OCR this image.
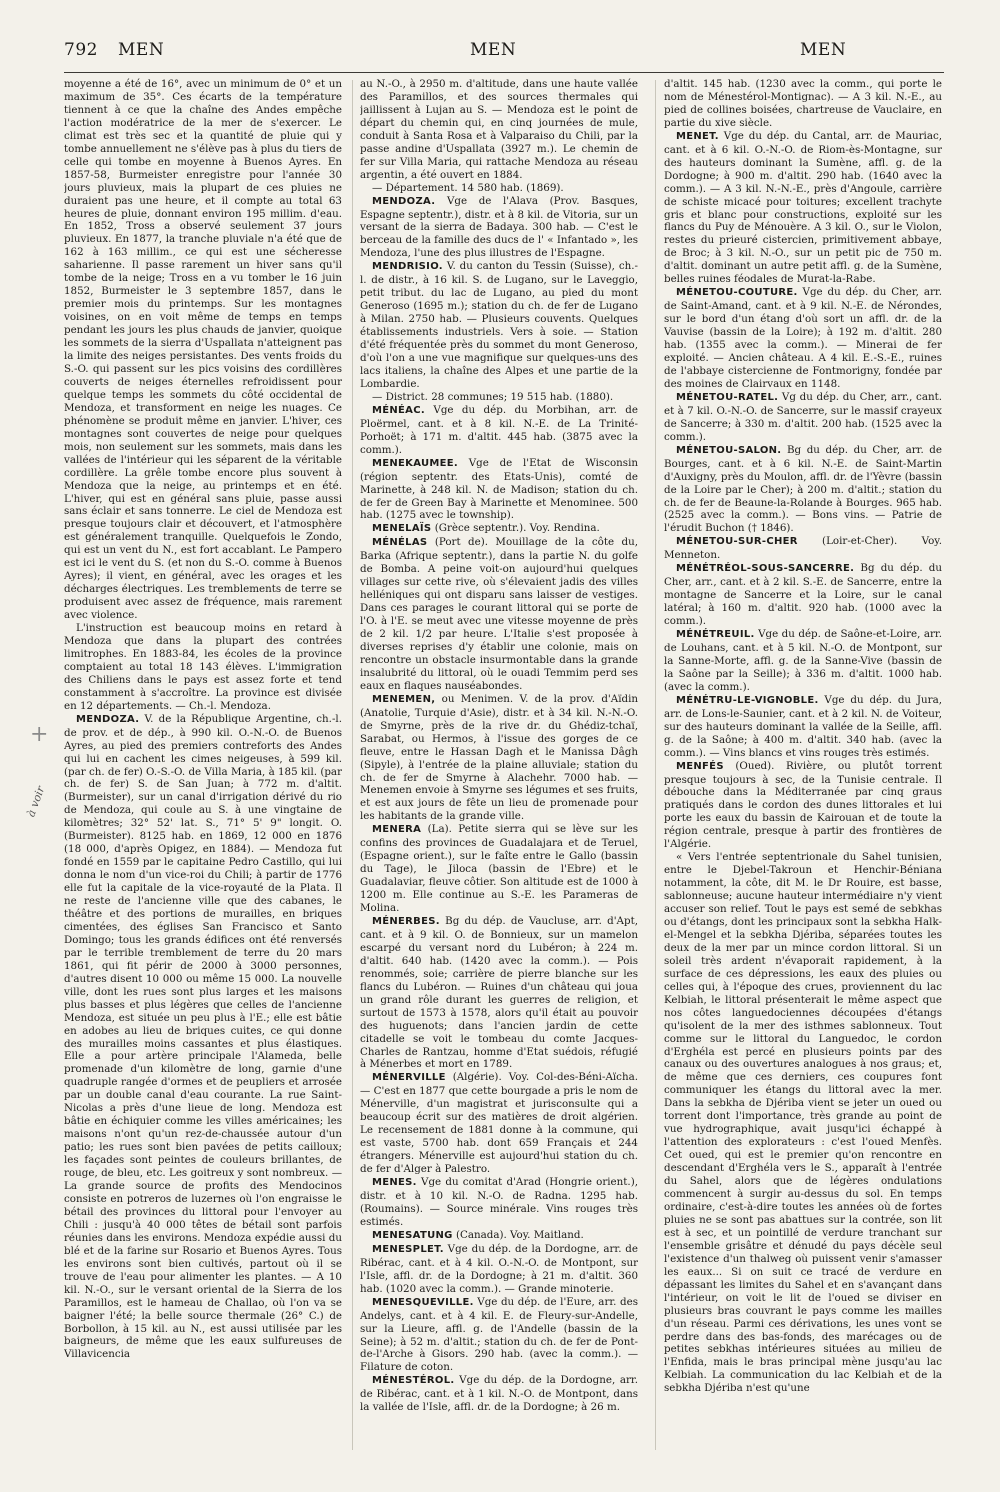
792 MEN	MEN	MEN
+
à voir

moyenne a été de 16°, avec un minimum de 0° et un maximum de 35°. Ces écarts de la température tiennent à ce que la chaîne des Andes empêche l'action modératrice de la mer de s'exercer. Le climat est très sec et la quantité de pluie qui y tombe annuellement ne s'élève pas à plus du tiers de celle qui tombe en moyenne à Buenos Ayres. En 1857-58, Burmeister enregistre pour l'année 30 jours pluvieux, mais la plupart de ces pluies ne duraient pas une heure, et il compte au total 63 heures de pluie, donnant environ 195 millim. d'eau. En 1852, Tross a observé seulement 37 jours pluvieux. En 1877, la tranche pluviale n'a été que de 162 à 163 millim., ce qui est une sécheresse saharienne. Il passe rarement un hiver sans qu'il tombe de la neige; Tross en a vu tomber le 16 juin 1852, Burmeister le 3 septembre 1857, dans le premier mois du printemps. Sur les montagnes voisines, on en voit même de temps en temps pendant les jours les plus chauds de janvier, quoique les sommets de la sierra d'Uspallata n'atteignent pas la limite des neiges persistantes. Des vents froids du S.-O. qui passent sur les pics voisins des cordillères couverts de neiges éternelles refroidissent pour quelque temps les sommets du côté occidental de Mendoza, et transforment en neige les nuages. Ce phénomène se produit même en janvier. L'hiver, ces montagnes sont couvertes de neige pour quelques mois, non seulement sur les sommets, mais dans les vallées de l'intérieur qui les séparent de la véritable cordillère. La grêle tombe encore plus souvent à Mendoza que la neige, au printemps et en été. L'hiver, qui est en général sans pluie, passe aussi sans éclair et sans tonnerre. Le ciel de Mendoza est presque toujours clair et découvert, et l'atmosphère est généralement tranquille. Quelquefois le Zondo, qui est un vent du N., est fort accablant. Le Pampero est ici le vent du S. (et non du S.-O. comme à Buenos Ayres); il vient, en général, avec les orages et les décharges électriques. Les tremblements de terre se produisent avec assez de fréquence, mais rarement avec violence.

L'instruction est beaucoup moins en retard à Mendoza que dans la plupart des contrées limitrophes. En 1883-84, les écoles de la province comptaient au total 18 143 élèves. L'immigration des Chiliens dans le pays est assez forte et tend constamment à s'accroître. La province est divisée en 12 départements. — Ch.-l. Mendoza.

MENDOZA. V. de la République Argentine, ch.-l. de prov. et de dép., à 990 kil. O.-N.-O. de Buenos Ayres, au pied des premiers contreforts des Andes qui lui en cachent les cimes neigeuses, à 599 kil. (par ch. de fer) O.-S.-O. de Villa Maria, à 185 kil. (par ch. de fer) S. de San Juan; à 772 m. d'altit. (Burmeister), sur un canal d'irrigation dérivé du rio de Mendoza, qui coule au S. à une vingtaine de kilomètres; 32° 52' lat. S., 71° 5' 9" longit. O. (Burmeister). 8125 hab. en 1869, 12 000 en 1876 (18 000, d'après Opigez, en 1884). — Mendoza fut fondé en 1559 par le capitaine Pedro Castillo, qui lui donna le nom d'un vice-roi du Chili; à partir de 1776 elle fut la capitale de la vice-royauté de la Plata. Il ne reste de l'ancienne ville que des cabanes, le théâtre et des portions de murailles, en briques cimentées, des églises San Francisco et Santo Domingo; tous les grands édifices ont été renversés par le terrible tremblement de terre du 20 mars 1861, qui fit périr de 2000 à 3000 personnes, d'autres disent 10 000 ou même 15 000. La nouvelle ville, dont les rues sont plus larges et les maisons plus basses et plus légères que celles de l'ancienne Mendoza, est située un peu plus à l'E.; elle est bâtie en adobes au lieu de briques cuites, ce qui donne des murailles moins cassantes et plus élastiques. Elle a pour artère principale l'Alameda, belle promenade d'un kilomètre de long, garnie d'une quadruple rangée d'ormes et de peupliers et arrosée par un double canal d'eau courante. La rue Saint-Nicolas a près d'une lieue de long. Mendoza est bâtie en échiquier comme les villes américaines; les maisons n'ont qu'un rez-de-chaussée autour d'un patio; les rues sont bien pavées de petits cailloux; les façades sont peintes de couleurs brillantes, de rouge, de bleu, etc. Les goitreux y sont nombreux. — La grande source de profits des Mendocinos consiste en potreros de luzernes où l'on engraisse le bétail des provinces du littoral pour l'envoyer au Chili : jusqu'à 40 000 têtes de bétail sont parfois réunies dans les environs. Mendoza expédie aussi du blé et de la farine sur Rosario et Buenos Ayres. Tous les environs sont bien cultivés, partout où il se trouve de l'eau pour alimenter les plantes. — A 10 kil. N.-O., sur le versant oriental de la Sierra de los Paramillos, est le hameau de Challao, où l'on va se baigner l'été; la belle source thermale (26° C.) de Borbollon, à 15 kil. au N., est aussi utilisée par les baigneurs, de même que les eaux sulfureuses de Villavicencia

au N.-O., à 2950 m. d'altitude, dans une haute vallée des Paramillos, et des sources thermales qui jaillissent à Lujan au S. — Mendoza est le point de départ du chemin qui, en cinq journées de mule, conduit à Santa Rosa et à Valparaiso du Chili, par la passe andine d'Uspallata (3927 m.). Le chemin de fer sur Villa Maria, qui rattache Mendoza au réseau argentin, a été ouvert en 1884.

— Département. 14 580 hab. (1869).

MENDOZA. Vge de l'Alava (Prov. Basques, Espagne septentr.), distr. et à 8 kil. de Vitoria, sur un versant de la sierra de Badaya. 300 hab. — C'est le berceau de la famille des ducs de l' « Infantado », les Mendoza, l'une des plus illustres de l'Espagne.

MENDRISIO. V. du canton du Tessin (Suisse), ch.-l. de distr., à 16 kil. S. de Lugano, sur le Laveggio, petit tribut. du lac de Lugano, au pied du mont Generoso (1695 m.); station du ch. de fer de Lugano à Milan. 2750 hab. — Plusieurs couvents. Quelques établissements industriels. Vers à soie. — Station d'été fréquentée près du sommet du mont Generoso, d'où l'on a une vue magnifique sur quelques-uns des lacs italiens, la chaîne des Alpes et une partie de la Lombardie.

— District. 28 communes; 19 515 hab. (1880).

MÉNÉAC. Vge du dép. du Morbihan, arr. de Ploërmel, cant. et à 8 kil. N.-E. de La Trinité-Porhoët; à 171 m. d'altit. 445 hab. (3875 avec la comm.).

MENEKAUMEE. Vge de l'Etat de Wisconsin (région septentr. des Etats-Unis), comté de Marinette, à 248 kil. N. de Madison; station du ch. de fer de Green Bay à Marinette et Menominee. 500 hab. (1275 avec le township).

MENELAÏS (Grèce septentr.). Voy. Rendina.

MÉNÉLAS (Port de). Mouillage de la côte du, Barka (Afrique septentr.), dans la partie N. du golfe de Bomba. A peine voit-on aujourd'hui quelques villages sur cette rive, où s'élevaient jadis des villes helléniques qui ont disparu sans laisser de vestiges. Dans ces parages le courant littoral qui se porte de l'O. à l'E. se meut avec une vitesse moyenne de près de 2 kil. 1/2 par heure. L'Italie s'est proposée à diverses reprises d'y établir une colonie, mais on rencontre un obstacle insurmontable dans la grande insalubrité du littoral, où le ouadi Temmim perd ses eaux en flaques nauséabondes.

MENEMEN, ou Menimen. V. de la prov. d'Aïdin (Anatolie, Turquie d'Asie), distr. et à 34 kil. N.-N.-O. de Smyrne, près de la rive dr. du Ghédiz-tchaï, Sarabat, ou Hermos, à l'issue des gorges de ce fleuve, entre le Hassan Dagh et le Manissa Dâgh (Sipyle), à l'entrée de la plaine alluviale; station du ch. de fer de Smyrne à Alachehr. 7000 hab. — Menemen envoie à Smyrne ses légumes et ses fruits, et est aux jours de fête un lieu de promenade pour les habitants de la grande ville.

MENERA (La). Petite sierra qui se lève sur les confins des provinces de Guadalajara et de Teruel, (Espagne orient.), sur le faîte entre le Gallo (bassin du Tage), le Jiloca (bassin de l'Ebre) et le Guadalaviar, fleuve côtier. Son altitude est de 1000 à 1200 m. Elle continue au S.-E. les Parameras de Molina.

MÉNERBES. Bg du dép. de Vaucluse, arr. d'Apt, cant. et à 9 kil. O. de Bonnieux, sur un mamelon escarpé du versant nord du Lubéron; à 224 m. d'altit. 640 hab. (1420 avec la comm.). — Pois renommés, soie; carrière de pierre blanche sur les flancs du Lubéron. — Ruines d'un château qui joua un grand rôle durant les guerres de religion, et surtout de 1573 à 1578, alors qu'il était au pouvoir des huguenots; dans l'ancien jardin de cette citadelle se voit le tombeau du comte Jacques-Charles de Rantzau, homme d'Etat suédois, réfugié à Ménerbes et mort en 1789.

MÉNERVILLE (Algérie). Voy. Col-des-Béni-Aïcha. — C'est en 1877 que cette bourgade a pris le nom de Ménerville, d'un magistrat et jurisconsulte qui a beaucoup écrit sur des matières de droit algérien. Le recensement de 1881 donne à la commune, qui est vaste, 5700 hab. dont 659 Français et 244 étrangers. Ménerville est aujourd'hui station du ch. de fer d'Alger à Palestro.

MENES. Vge du comitat d'Arad (Hongrie orient.), distr. et à 10 kil. N.-O. de Radna. 1295 hab. (Roumains). — Source minérale. Vins rouges très estimés.

MENESATUNG (Canada). Voy. Maitland.

MENESPLET. Vge du dép. de la Dordogne, arr. de Ribérac, cant. et à 4 kil. O.-N.-O. de Montpont, sur l'Isle, affl. dr. de la Dordogne; à 21 m. d'altit. 360 hab. (1020 avec la comm.). — Grande minoterie.

MENESQUEVILLE. Vge du dép. de l'Eure, arr. des Andelys, cant. et à 4 kil. E. de Fleury-sur-Andelle, sur la Lieure, affl. g. de l'Andelle (bassin de la Seine); à 52 m. d'altit.; station du ch. de fer de Pont-de-l'Arche à Gisors. 290 hab. (avec la comm.). — Filature de coton.

MÉNESTÉROL. Vge du dép. de la Dordogne, arr. de Ribérac, cant. et à 1 kil. N.-O. de Montpont, dans la vallée de l'Isle, affl. dr. de la Dordogne; à 26 m.

d'altit. 145 hab. (1230 avec la comm., qui porte le nom de Ménestérol-Montignac). — A 3 kil. N.-E., au pied de collines boisées, chartreuse de Vauclaire, en partie du xive siècle.

MENET. Vge du dép. du Cantal, arr. de Mauriac, cant. et à 6 kil. O.-N.-O. de Riom-ès-Montagne, sur des hauteurs dominant la Sumène, affl. g. de la Dordogne; à 900 m. d'altit. 290 hab. (1640 avec la comm.). — A 3 kil. N.-N.-E., près d'Angoule, carrière de schiste micacé pour toitures; excellent trachyte gris et blanc pour constructions, exploité sur les flancs du Puy de Ménouère. A 3 kil. O., sur le Violon, restes du prieuré cistercien, primitivement abbaye, de Broc; à 3 kil. N.-O., sur un petit pic de 750 m. d'altit. dominant un autre petit affl. g. de la Sumène, belles ruines féodales de Murat-la-Rabe.

MÉNETOU-COUTURE. Vge du dép. du Cher, arr. de Saint-Amand, cant. et à 9 kil. N.-E. de Nérondes, sur le bord d'un étang d'où sort un affl. dr. de la Vauvise (bassin de la Loire); à 192 m. d'altit. 280 hab. (1355 avec la comm.). — Minerai de fer exploité. — Ancien château. A 4 kil. E.-S.-E., ruines de l'abbaye cistercienne de Fontmorigny, fondée par des moines de Clairvaux en 1148.

MÉNETOU-RATEL. Vg du dép. du Cher, arr., cant. et à 7 kil. O.-N.-O. de Sancerre, sur le massif crayeux de Sancerre; à 330 m. d'altit. 200 hab. (1525 avec la comm.).

MÉNETOU-SALON. Bg du dép. du Cher, arr. de Bourges, cant. et à 6 kil. N.-E. de Saint-Martin d'Auxigny, près du Moulon, affl. dr. de l'Yèvre (bassin de la Loire par le Cher); à 200 m. d'altit.; station du ch. de fer de Beaune-la-Rolande à Bourges. 965 hab. (2525 avec la comm.). — Bons vins. — Patrie de l'érudit Buchon († 1846).

MÉNETOU-SUR-CHER (Loir-et-Cher). Voy. Menneton.

MÉNÉTRÉOL-SOUS-SANCERRE. Bg du dép. du Cher, arr., cant. et à 2 kil. S.-E. de Sancerre, entre la montagne de Sancerre et la Loire, sur le canal latéral; à 160 m. d'altit. 920 hab. (1000 avec la comm.).

MÉNÉTREUIL. Vge du dép. de Saône-et-Loire, arr. de Louhans, cant. et à 5 kil. N.-O. de Montpont, sur la Sanne-Morte, affl. g. de la Sanne-Vive (bassin de la Saône par la Seille); à 336 m. d'altit. 1000 hab. (avec la comm.).

MÉNÉTRU-LE-VIGNOBLE. Vge du dép. du Jura, arr. de Lons-le-Saunier, cant. et à 2 kil. N. de Voiteur, sur des hauteurs dominant la vallée de la Seille, affl. g. de la Saône; à 400 m. d'altit. 340 hab. (avec la comm.). — Vins blancs et vins rouges très estimés.

MENFÉS (Oued). Rivière, ou plutôt torrent presque toujours à sec, de la Tunisie centrale. Il débouche dans la Méditerranée par cinq graus pratiqués dans le cordon des dunes littorales et lui porte les eaux du bassin de Kairouan et de toute la région centrale, presque à partir des frontières de l'Algérie.

« Vers l'entrée septentrionale du Sahel tunisien, entre le Djebel-Takroun et Henchir-Béniana notamment, la côte, dit M. le Dr Rouire, est basse, sablonneuse; aucune hauteur intermédiaire n'y vient accuser son relief. Tout le pays est semé de sebkhas ou d'étangs, dont les principaux sont la sebkha Halk-el-Mengel et la sebkha Djériba, séparées toutes les deux de la mer par un mince cordon littoral. Si un soleil très ardent n'évaporait rapidement, à la surface de ces dépressions, les eaux des pluies ou celles qui, à l'époque des crues, proviennent du lac Kelbiah, le littoral présenterait le même aspect que nos côtes languedociennes découpées d'étangs qu'isolent de la mer des isthmes sablonneux. Tout comme sur le littoral du Languedoc, le cordon d'Erghéla est percé en plusieurs points par des canaux ou des ouvertures analogues à nos graus; et, de même que ces derniers, ces coupures font communiquer les étangs du littoral avec la mer. Dans la sebkha de Djériba vient se jeter un oued ou torrent dont l'importance, très grande au point de vue hydrographique, avait jusqu'ici échappé à l'attention des explorateurs : c'est l'oued Menfès. Cet oued, qui est le premier qu'on rencontre en descendant d'Erghéla vers le S., apparaît à l'entrée du Sahel, alors que de légères ondulations commencent à surgir au-dessus du sol. En temps ordinaire, c'est-à-dire toutes les années où de fortes pluies ne se sont pas abattues sur la contrée, son lit est à sec, et un pointillé de verdure tranchant sur l'ensemble grisâtre et dénudé du pays décèle seul l'existence d'un thalweg où puissent venir s'amasser les eaux... Si on suit ce tracé de verdure en dépassant les limites du Sahel et en s'avançant dans l'intérieur, on voit le lit de l'oued se diviser en plusieurs bras couvrant le pays comme les mailles d'un réseau. Parmi ces dérivations, les unes vont se perdre dans des bas-fonds, des marécages ou de petites sebkhas intérieures situées au milieu de l'Enfida, mais le bras principal mène jusqu'au lac Kelbiah. La communication du lac Kelbiah et de la sebkha Djériba n'est qu'une
